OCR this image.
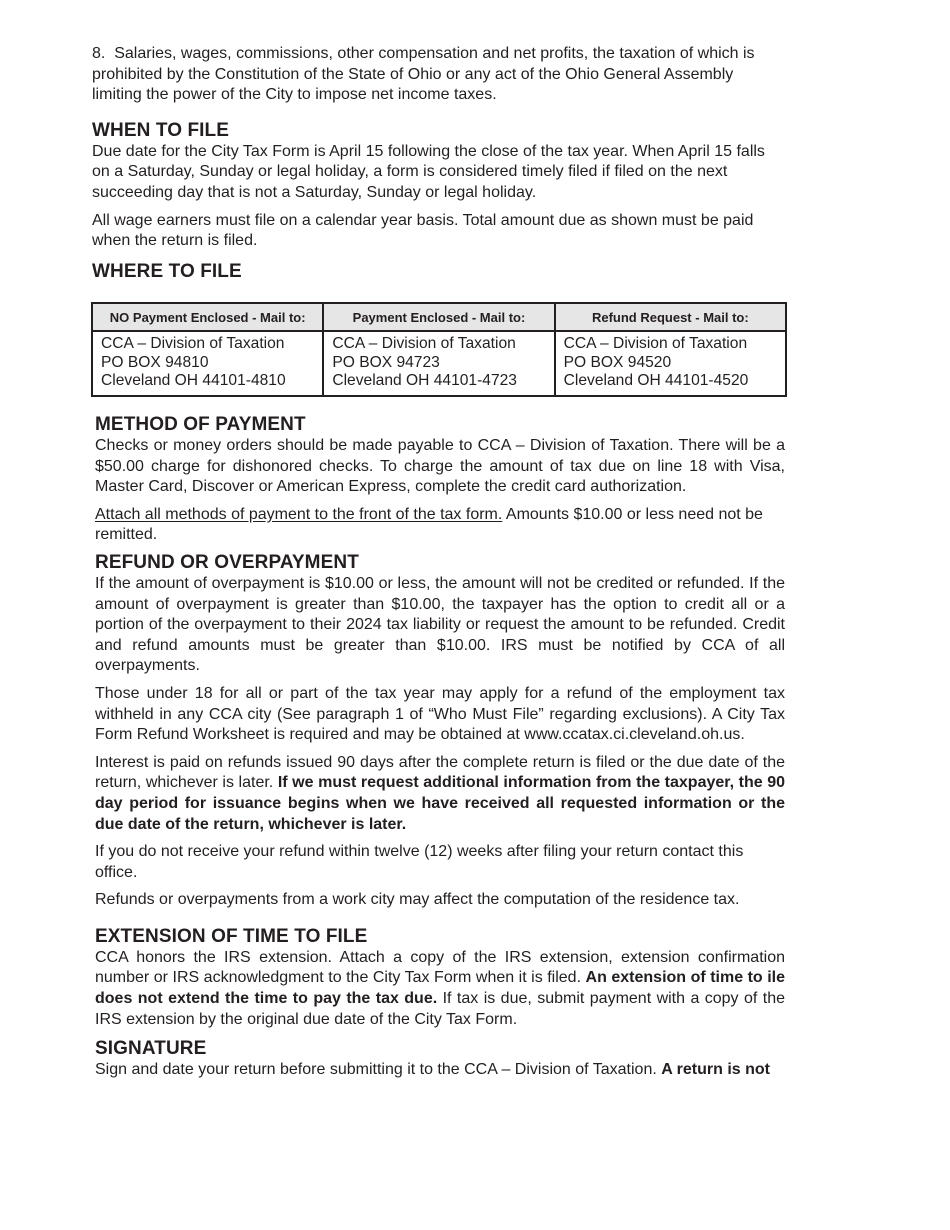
8. Salaries, wages, commissions, other compensation and net profits, the taxation of which is prohibited by the Constitution of the State of Ohio or any act of the Ohio General Assembly limiting the power of the City to impose net income taxes.

WHEN TO FILE

Due date for the City Tax Form is April 15 following the close of the tax year. When April 15 falls on a Saturday, Sunday or legal holiday, a form is considered timely filed if filed on the next succeeding day that is not a Saturday, Sunday or legal holiday.

All wage earners must file on a calendar year basis. Total amount due as shown must be paid when the return is filed.

WHERE TO FILE
NO Payment Enclosed - Mail to:	Payment Enclosed - Mail to:	Refund Request - Mail to:

CCA – Division of Taxation
PO BOX 94810
Cleveland OH 44101-4810	CCA – Division of Taxation
PO BOX 94723
Cleveland OH 44101-4723	CCA – Division of Taxation
PO BOX 94520
Cleveland OH 44101-4520
METHOD OF PAYMENT

Checks or money orders should be made payable to CCA – Division of Taxation. There will be a $50.00 charge for dishonored checks. To charge the amount of tax due on line 18 with Visa, Master Card, Discover or American Express, complete the credit card authorization.

Attach all methods of payment to the front of the tax form. Amounts $10.00 or less need not be remitted.

REFUND OR OVERPAYMENT

If the amount of overpayment is $10.00 or less, the amount will not be credited or refunded. If the amount of overpayment is greater than $10.00, the taxpayer has the option to credit all or a portion of the overpayment to their 2024 tax liability or request the amount to be refunded. Credit and refund amounts must be greater than $10.00. IRS must be notified by CCA of all overpayments.

Those under 18 for all or part of the tax year may apply for a refund of the employment tax withheld in any CCA city (See paragraph 1 of “Who Must File” regarding exclusions). A City Tax Form Refund Worksheet is required and may be obtained at www.ccatax.ci.cleveland.oh.us.

Interest is paid on refunds issued 90 days after the complete return is filed or the due date of the return, whichever is later. If we must request additional information from the taxpayer, the 90 day period for issuance begins when we have received all requested information or the due date of the return, whichever is later.

If you do not receive your refund within twelve (12) weeks after filing your return contact this office.

Refunds or overpayments from a work city may affect the computation of the residence tax.

EXTENSION OF TIME TO FILE

CCA honors the IRS extension. Attach a copy of the IRS extension, extension confirmation number or IRS acknowledgment to the City Tax Form when it is filed. An extension of time to ile does not extend the time to pay the tax due. If tax is due, submit payment with a copy of the IRS extension by the original due date of the City Tax Form.

SIGNATURE

Sign and date your return before submitting it to the CCA – Division of Taxation. A return is not
